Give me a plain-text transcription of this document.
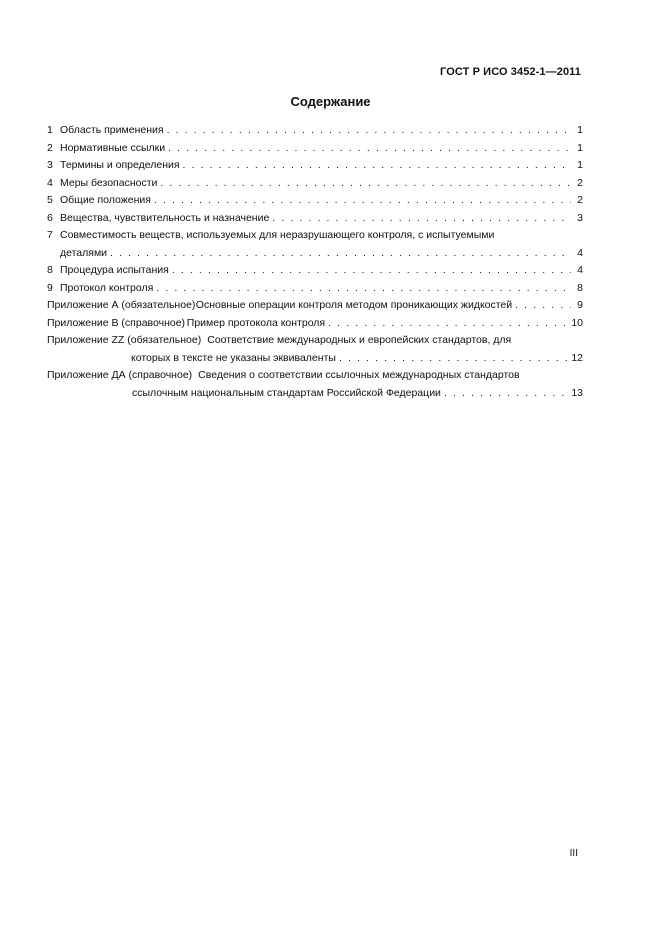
ГОСТ Р ИСО 3452-1—2011
Содержание
1 Область применения . . .	1
2 Нормативные ссылки . . .	1
3 Термины и определения . . .	1
4 Меры безопасности . . .	2
5 Общие положения . . .	2
6 Вещества, чувствительность и назначение . . .	3
7 Совместимость веществ, используемых для неразрушающего контроля, с испытуемыми
деталями . . .	4
8 Процедура испытания . . .	4
9 Протокол контроля . . .	8
Приложение А (обязательное) Основные операции контроля методом проникающих жидкостей . . .	9
Приложение В (справочное) Пример протокола контроля . . .	10
Приложение ZZ (обязательное) Соответствие международных и европейских стандартов, для
которых в тексте не указаны эквиваленты . . .	12
Приложение ДА (справочное) Сведения о соответствии ссылочных международных стандартов
ссылочным национальным стандартам Российской Федерации . . .	13
III
